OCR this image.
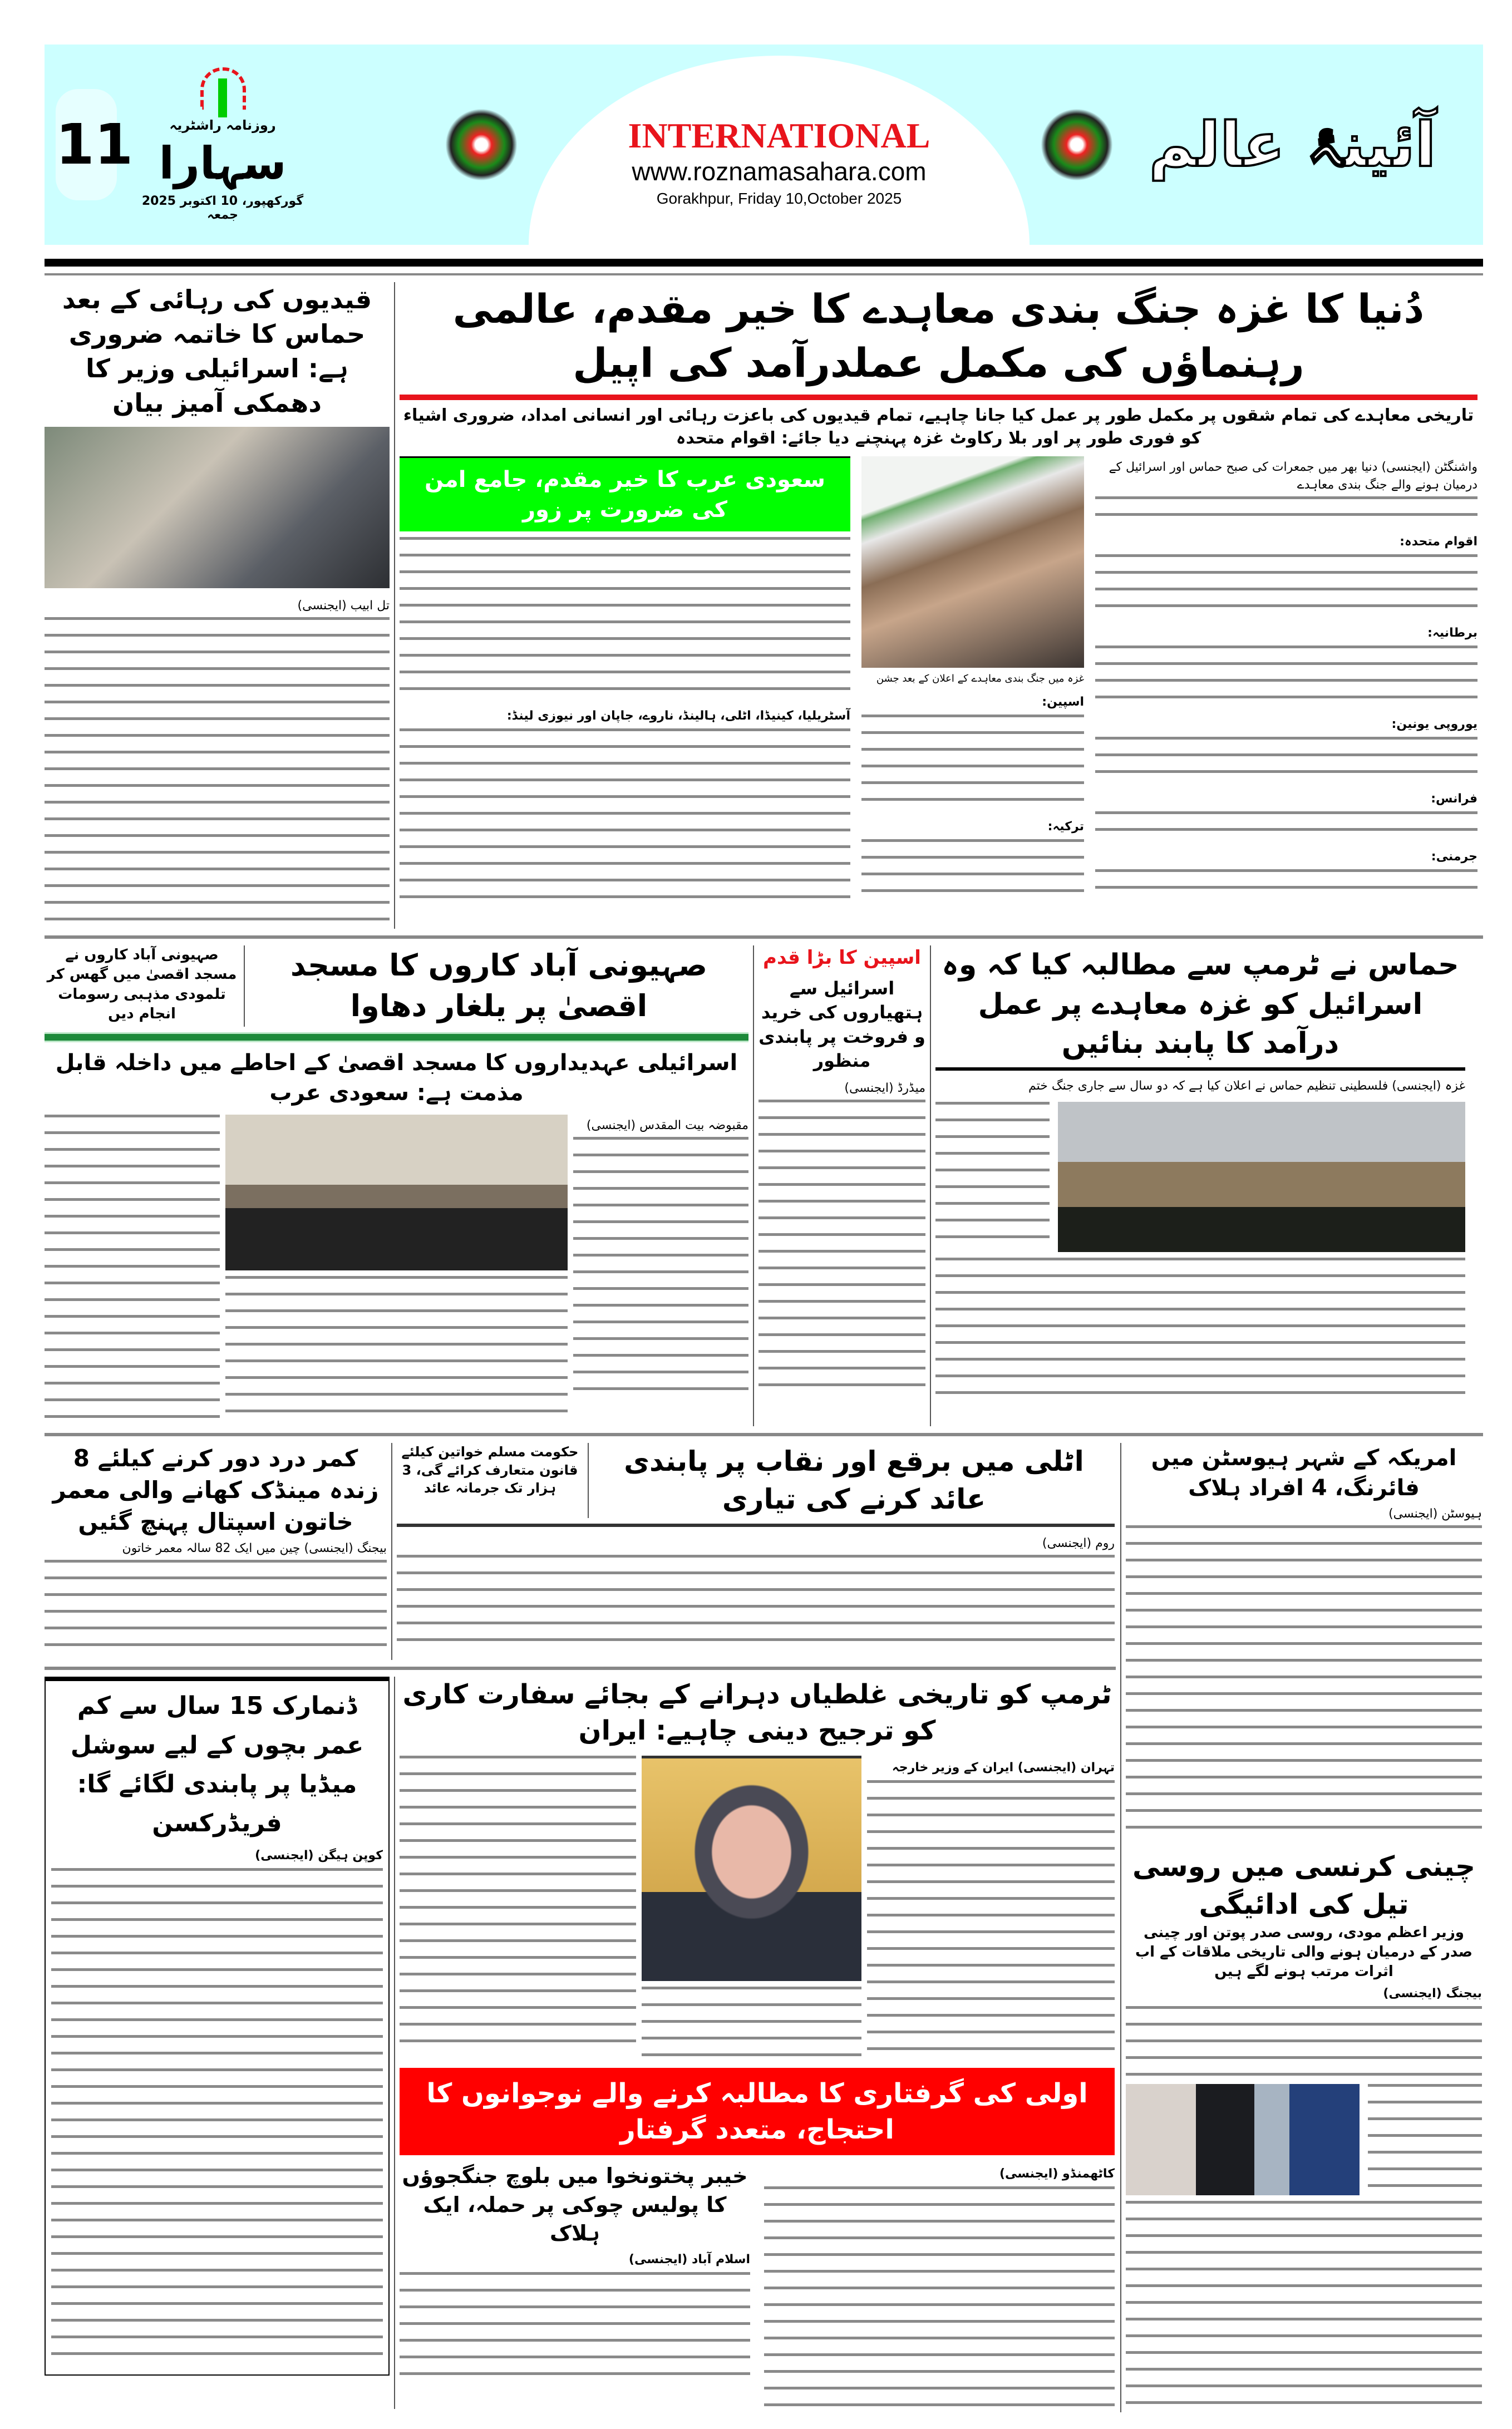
11	روزنامہ راشٹریہ
سہارا
گورکھپور، 10 اکتوبر 2025 جمعہ
INTERNATIONAL
www.roznamasahara.com
Gorakhpur, Friday 10,October 2025
آئینۂ عالم
قیدیوں کی رہائی کے بعد حماس کا خاتمہ ضروری ہے: اسرائیلی وزیر کا دھمکی آمیز بیان
تل ابیب (ایجنسی)
دُنیا کا غزہ جنگ بندی معاہدے کا خیر مقدم، عالمی رہنماؤں کی مکمل عملدرآمد کی اپیل
تاریخی معاہدے کی تمام شقوں پر مکمل طور پر عمل کیا جانا چاہیے، تمام قیدیوں کی باعزت رہائی اور انسانی امداد، ضروری اشیاء کو فوری طور پر اور بلا رکاوٹ غزہ پہنچنے دیا جائے: اقوام متحدہ
سعودی عرب کا خیر مقدم، جامع امن کی ضرورت پر زور
آسٹریلیا، کینیڈا، اٹلی، ہالینڈ، ناروے، جاپان اور نیوزی لینڈ:
غزہ میں جنگ بندی معاہدے کے اعلان کے بعد جشن
اسپین:
ترکیہ:
واشنگٹن (ایجنسی) دنیا بھر میں جمعرات کی صبح حماس اور اسرائیل کے درمیان ہونے والے جنگ بندی معاہدے
اقوام متحدہ:
برطانیہ:
یوروپی یونین:
فرانس:
جرمنی:
صہیونی آباد کاروں نے مسجد اقصیٰ میں گھس کر تلمودی مذہبی رسومات انجام دیں
صہیونی آباد کاروں کا مسجد اقصیٰ پر یلغار دھاوا
اسرائیلی عہدیداروں کا مسجد اقصیٰ کے احاطے میں داخلہ قابل مذمت ہے: سعودی عرب
مقبوضہ بیت المقدس (ایجنسی)
اسپین کا بڑا قدم
اسرائیل سے ہتھیاروں کی خرید و فروخت پر پابندی منظور
میڈرڈ (ایجنسی)
حماس نے ٹرمپ سے مطالبہ کیا کہ وہ
اسرائیل کو غزہ معاہدے پر عمل درآمد کا پابند بنائیں
غزہ (ایجنسی) فلسطینی تنظیم حماس نے اعلان کیا ہے کہ دو سال سے جاری جنگ ختم
کمر درد دور کرنے کیلئے 8 زندہ مینڈک کھانے والی معمر خاتون اسپتال پہنچ گئیں
بیجنگ (ایجنسی) چین میں ایک 82 سالہ معمر خاتون
حکومت مسلم خواتین کیلئے قانون متعارف کرائے گی، 3 ہزار تک جرمانہ عائد
اٹلی میں برقع اور نقاب پر پابندی عائد کرنے کی تیاری
روم (ایجنسی)
ڈنمارک 15 سال سے کم عمر بچوں کے لیے سوشل میڈیا پر پابندی لگائے گا: فریڈرکسن
کوپن ہیگن (ایجنسی)
ٹرمپ کو تاریخی غلطیاں دہرانے کے بجائے سفارت کاری کو ترجیح دینی چاہیے: ایران
تہران (ایجنسی) ایران کے وزیر خارجہ
اولی کی گرفتاری کا مطالبہ کرنے والے نوجوانوں کا احتجاج، متعدد گرفتار
خیبر پختونخوا میں بلوچ جنگجوؤں کا پولیس چوکی پر حملہ، ایک ہلاک
اسلام آباد (ایجنسی)
کاٹھمنڈو (ایجنسی)
امریکہ کے شہر ہیوسٹن میں فائرنگ، 4 افراد ہلاک
ہیوسٹن (ایجنسی)
چینی کرنسی میں روسی تیل کی ادائیگی
وزیر اعظم مودی، روسی صدر پوتن اور چینی صدر کے درمیان ہونے والی تاریخی ملاقات کے اب اثرات مرتب ہونے لگے ہیں
بیجنگ (ایجنسی)
